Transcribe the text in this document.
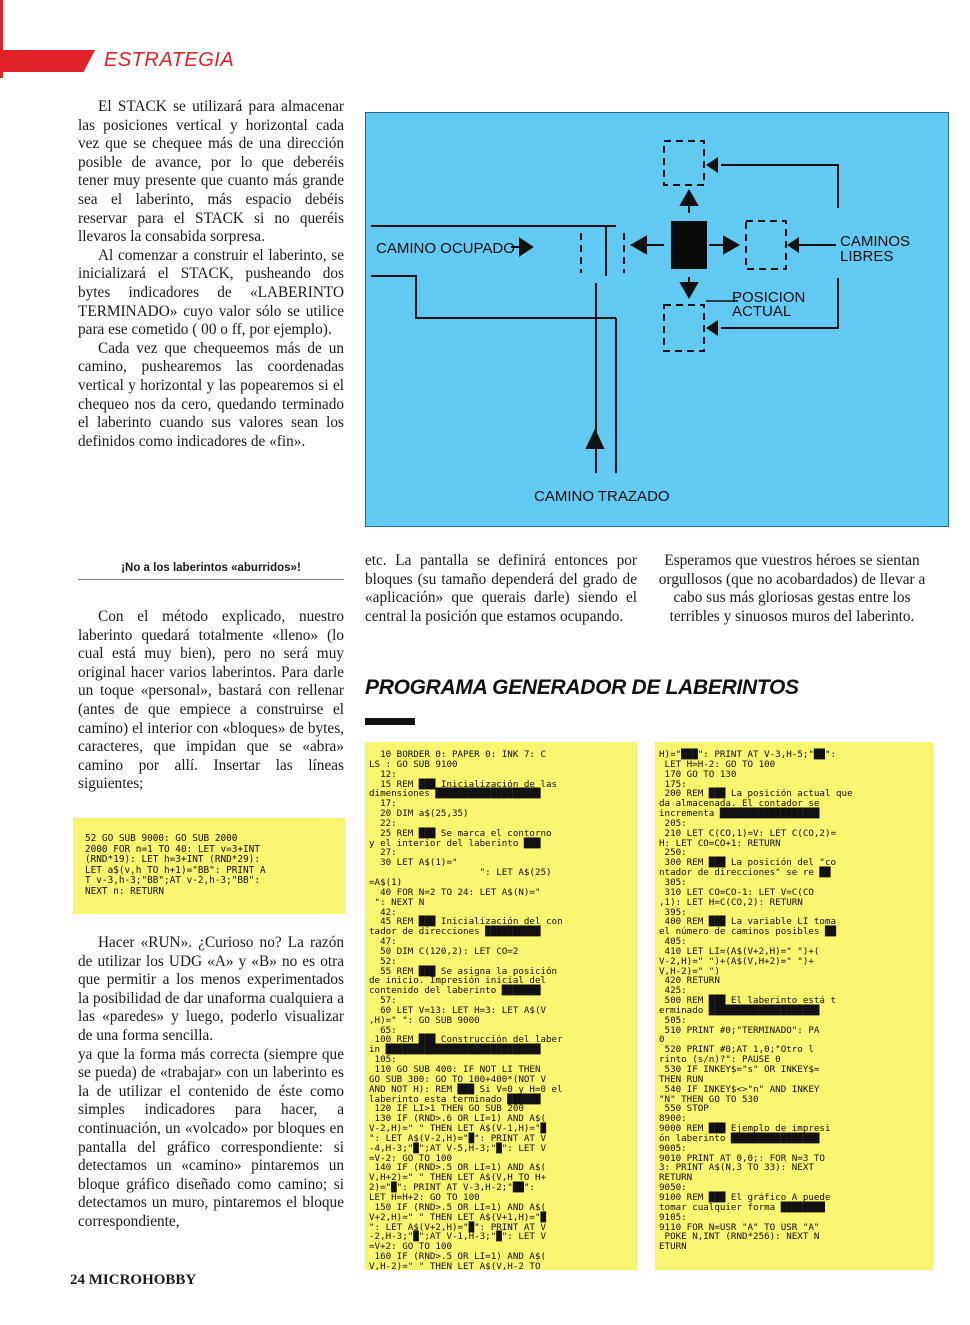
ESTRATEGIA

El STACK se utilizará para almacenar las posiciones vertical y horizontal cada vez que se chequee más de una dirección posible de avance, por lo que deberéis tener muy presente que cuanto más grande sea el laberinto, más espacio debéis reservar para el STACK si no queréis llevaros la consabida sorpresa.

Al comenzar a construir el laberinto, se inicializará el STACK, pusheando dos bytes indicadores de «LABERINTO TERMINADO» cuyo valor sólo se utilice para ese cometido ( 00 o ff, por ejemplo).

Cada vez que chequeemos más de un camino, pushearemos las coordenadas vertical y horizontal y las popearemos si el chequeo nos da cero, quedando terminado el laberinto cuando sus valores sean los definidos como indicadores de «fin».

CAMINO OCUPADO	CAMINOS
LIBRES
POSICION
ACTUAL
CAMINO TRAZADO
¡No a los laberintos «aburridos»!

Con el método explicado, nuestro laberinto quedará totalmente «lleno» (lo cual está muy bien), pero no será muy original hacer varios laberintos. Para darle un toque «personal», bastará con rellenar (antes de que empiece a construirse el camino) el interior con «bloques» de bytes, caracteres, que impidan que se «abra» camino por allí. Insertar las líneas siguientes;

52 GO SUB 9000: GO SUB 2000
2000 FOR n=1 TO 40: LET v=3+INT
(RND*19): LET h=3+INT (RND*29):
LET a$(v,h TO h+1)="BB": PRINT A
T v-3,h-3;"BB";AT v-2,h-3;"BB":
NEXT n: RETURN

Hacer «RUN». ¿Curioso no? La razón de utilizar los UDG «A» y «B» no es otra que permitir a los menos experimentados la posibilidad de dar unaforma cualquiera a las «paredes» y luego, poderlo visualizar de una forma sencilla.

ya que la forma más correcta (siempre que se pueda) de «trabajar» con un laberinto es la de utilizar el contenido de éste como simples indicadores para hacer, a continuación, un «volcado» por bloques en pantalla del gráfico correspondiente: si detectamos un «camino» pintaremos un bloque gráfico diseñado como camino; si detectamos un muro, pintaremos el bloque correspondiente,

etc. La pantalla se definirá entonces por bloques (su tamaño dependerá del grado de «aplicación» que querais darle) siendo el central la posición que estamos ocupando.

Esperamos que vuestros héroes se sientan orgullosos (que no acobardados) de llevar a cabo sus más gloriosas gestas entre los terribles y sinuosos muros del laberinto.

PROGRAMA GENERADOR DE LABERINTOS
10 BORDER 0: PAPER 0: INK 7: C
LS : GO SUB 9100
12:
15 REM ███ Inicialización de las
dimensiones ███████████████████
17:
20 DIM a$(25,35)
22:
25 REM ███ Se marca el contorno
y el interior del laberinto ███
27:
30 LET A$(1)="
": LET A$(25)
=A$(1)
40 FOR N=2 TO 24: LET A$(N)="
": NEXT N
42:
45 REM ███ Inicialización del con
tador de direcciones ██████████
47:
50 DIM C(120,2): LET CO=2
52:
55 REM ███ Se asigna la posición
de inicio. Impresión inicial del
contenido del laberinto ███████
57:
60 LET V=13: LET H=3: LET A$(V
,H)=" ": GO SUB 9000
65:
100 REM ███ Construcción del laber
in ████████████████████████████
105:
110 GO SUB 400: IF NOT LI THEN
GO SUB 300: GO TO 100+400*(NOT V
AND NOT H): REM ███ Si V=0 y H=0 el
laberinto esta terminado ██████
120 IF LI>1 THEN GO SUB 200
130 IF (RND>.6 OR LI=1) AND A$(
V-2,H)=" " THEN LET A$(V-1,H)="█
": LET A$(V-2,H)="█": PRINT AT V
-4,H-3;"█";AT V-5,H-3;"█": LET V
=V-2: GO TO 100
140 IF (RND>.5 OR LI=1) AND A$(
V,H+2)=" " THEN LET A$(V,H TO H+
2)="█": PRINT AT V-3,H-2;"██":
LET H=H+2: GO TO 100
150 IF (RND>.5 OR LI=1) AND A$(
V+2,H)=" " THEN LET A$(V+1,H)="█
": LET A$(V+2,H)="█": PRINT AT V
-2,H-3;"█";AT V-1,H-3;"█": LET V
=V+2: GO TO 100
160 IF (RND>.5 OR LI=1) AND A$(
V,H-2)=" " THEN LET A$(V,H-2 TO
H)="███": PRINT AT V-3,H-5;"██":
LET H=H-2: GO TO 100
170 GO TO 130
175:
200 REM ███ La posición actual que
da almacenada. El contador se
incrementa ██████████████████
205:
210 LET C(CO,1)=V: LET C(CO,2)=
H: LET CO=CO+1: RETURN
250:
300 REM ███ La posición del "co
ntador de direcciones" se re ██
305:
310 LET CO=CO-1: LET V=C(CO
,1): LET H=C(CO,2): RETURN
395:
400 REM ███ La variable LI toma
el número de caminos posibles ██
405:
410 LET LI=(A$(V+2,H)=" ")+(
V-2,H)=" ")+(A$(V,H+2)=" ")+
V,H-2)=" ")
420 RETURN
425:
500 REM ███ El laberinto está t
erminado ████████████████████
505:
510 PRINT #0;"TERMINADO": PA
0
520 PRINT #0;AT 1,0;"Otro l
rinto (s/n)?": PAUSE 0
530 IF INKEY$="s" OR INKEY$=
THEN RUN
540 IF INKEY$<>"n" AND INKEY
"N" THEN GO TO 530
550 STOP
8900:
9000 REM ███ Ejemplo de impresi
ón laberinto ████████████████
9005:
9010 PRINT AT 0,0;: FOR N=3 TO
3: PRINT A$(N,3 TO 33): NEXT
RETURN
9050:
9100 REM ███ El gráfico A puede
tomar cualquier forma ████████
9105:
9110 FOR N=USR "A" TO USR "A"
POKE N,INT (RND*256): NEXT N
ETURN
24 MICROHOBBY
